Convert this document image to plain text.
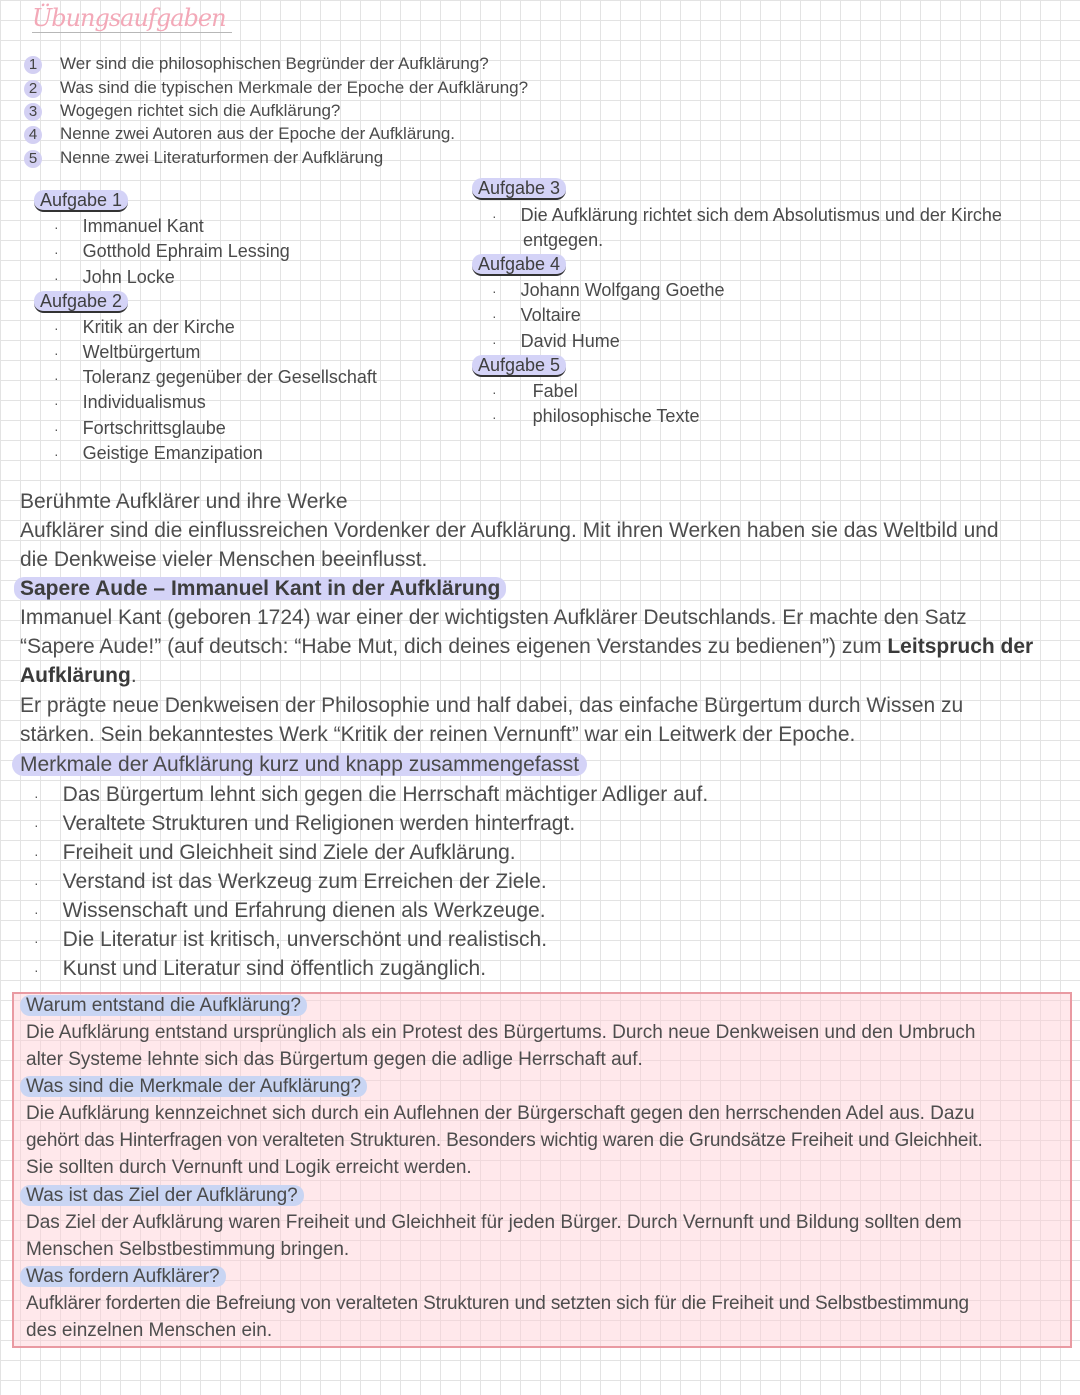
Übungsaufgaben
1 Wer sind die philosophischen Begründer der Aufklärung?
2 Was sind die typischen Merkmale der Epoche der Aufklärung?
3 Wogegen richtet sich die Aufklärung?
4 Nenne zwei Autoren aus der Epoche der Aufklärung.
5 Nenne zwei Literaturformen der Aufklärung
Aufgabe 1
· Immanuel Kant
· Gotthold Ephraim Lessing
· John Locke
Aufgabe 2
· Kritik an der Kirche
· Weltbürgertum
· Toleranz gegenüber der Gesellschaft
· Individualismus
· Fortschrittsglaube
· Geistige Emanzipation
Aufgabe 3
· Die Aufklärung richtet sich dem Absolutismus und der Kirche
entgegen.
Aufgabe 4
· Johann Wolfgang Goethe
· Voltaire
· David Hume
Aufgabe 5
· Fabel
· philosophische Texte
Berühmte Aufklärer und ihre Werke
Aufklärer sind die einflussreichen Vordenker der Aufklärung. Mit ihren Werken haben sie das Weltbild und
die Denkweise vieler Menschen beeinflusst.
Sapere Aude – Immanuel Kant in der Aufklärung
Immanuel Kant (geboren 1724) war einer der wichtigsten Aufklärer Deutschlands. Er machte den Satz
“Sapere Aude!” (auf deutsch: “Habe Mut, dich deines eigenen Verstandes zu bedienen”) zum Leitspruch der
Aufklärung.
Er prägte neue Denkweisen der Philosophie und half dabei, das einfache Bürgertum durch Wissen zu
stärken. Sein bekanntestes Werk “Kritik der reinen Vernunft” war ein Leitwerk der Epoche.
Merkmale der Aufklärung kurz und knapp zusammengefasst
· Das Bürgertum lehnt sich gegen die Herrschaft mächtiger Adliger auf.
· Veraltete Strukturen und Religionen werden hinterfragt.
· Freiheit und Gleichheit sind Ziele der Aufklärung.
· Verstand ist das Werkzeug zum Erreichen der Ziele.
· Wissenschaft und Erfahrung dienen als Werkzeuge.
· Die Literatur ist kritisch, unverschönt und realistisch.
· Kunst und Literatur sind öffentlich zugänglich.
Warum entstand die Aufklärung?
Die Aufklärung entstand ursprünglich als ein Protest des Bürgertums. Durch neue Denkweisen und den Umbruch
alter Systeme lehnte sich das Bürgertum gegen die adlige Herrschaft auf.
Was sind die Merkmale der Aufklärung?
Die Aufklärung kennzeichnet sich durch ein Auflehnen der Bürgerschaft gegen den herrschenden Adel aus. Dazu
gehört das Hinterfragen von veralteten Strukturen. Besonders wichtig waren die Grundsätze Freiheit und Gleichheit.
Sie sollten durch Vernunft und Logik erreicht werden.
Was ist das Ziel der Aufklärung?
Das Ziel der Aufklärung waren Freiheit und Gleichheit für jeden Bürger. Durch Vernunft und Bildung sollten dem
Menschen Selbstbestimmung bringen.
Was fordern Aufklärer?
Aufklärer forderten die Befreiung von veralteten Strukturen und setzten sich für die Freiheit und Selbstbestimmung
des einzelnen Menschen ein.
